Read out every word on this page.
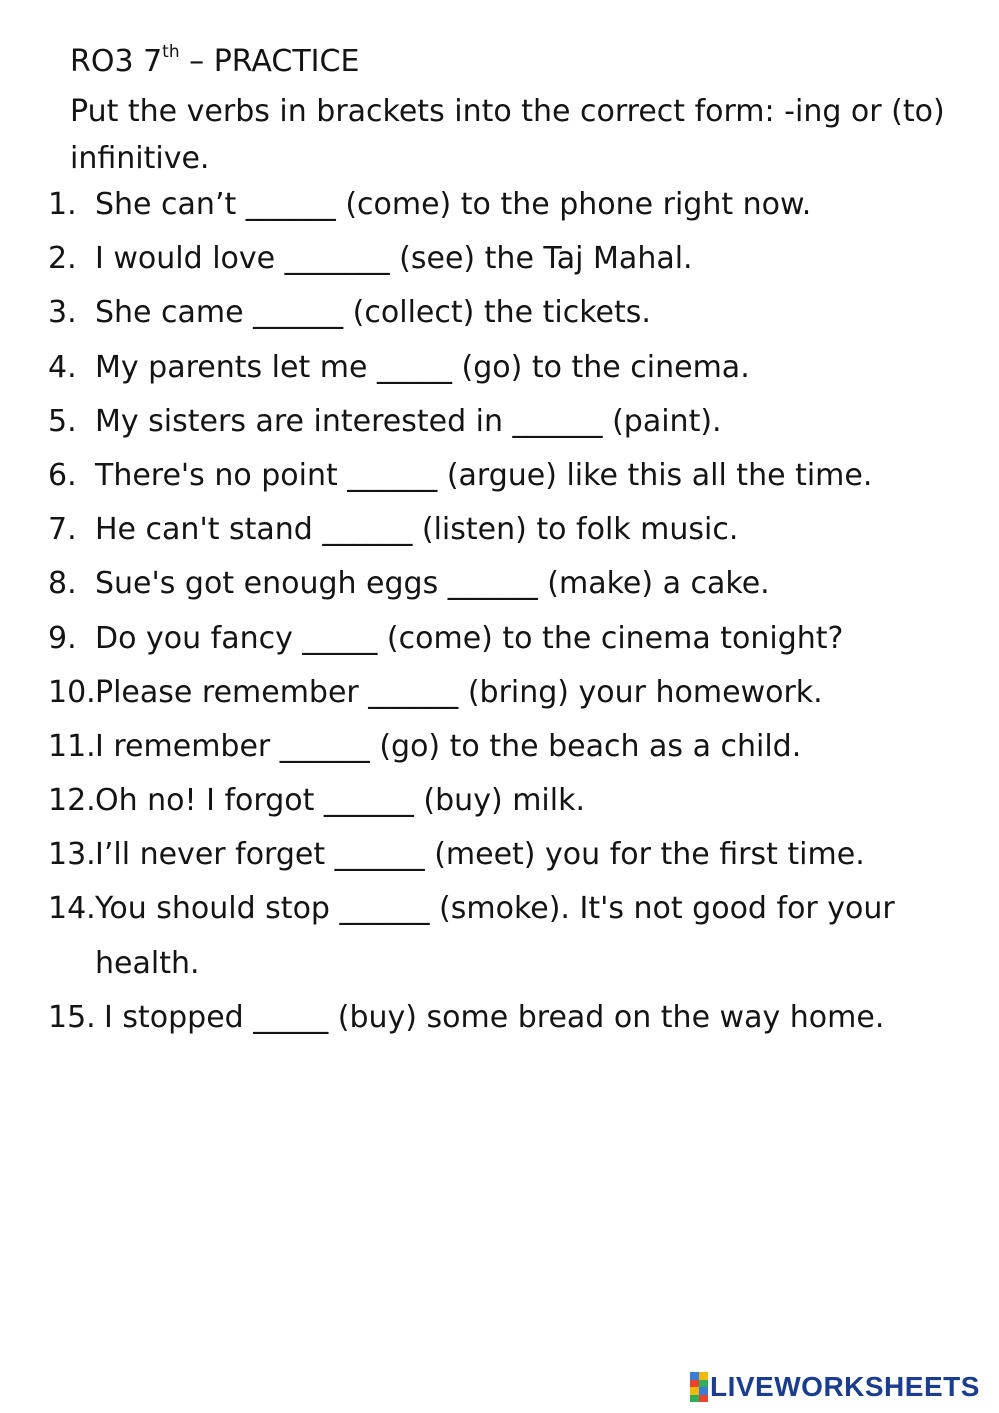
RO3 7th – PRACTICE
Put the verbs in brackets into the correct form: -ing or (to) infinitive.
1. She can’t ______ (come) to the phone right now.
2. I would love _______ (see) the Taj Mahal.
3. She came ______ (collect) the tickets.
4. My parents let me _____ (go) to the cinema.
5. My sisters are interested in ______ (paint).
6. There's no point ______ (argue) like this all the time.
7. He can't stand ______ (listen) to folk music.
8. Sue's got enough eggs ______ (make) a cake.
9. Do you fancy _____ (come) to the cinema tonight?
10. Please remember ______ (bring) your homework.
11. I remember ______ (go) to the beach as a child.
12. Oh no! I forgot ______ (buy) milk.
13. I’ll never forget ______ (meet) you for the first time.
14. You should stop ______ (smoke). It's not good for your health.
15. I stopped _____ (buy) some bread on the way home.
LIVEWORKSHEETS
